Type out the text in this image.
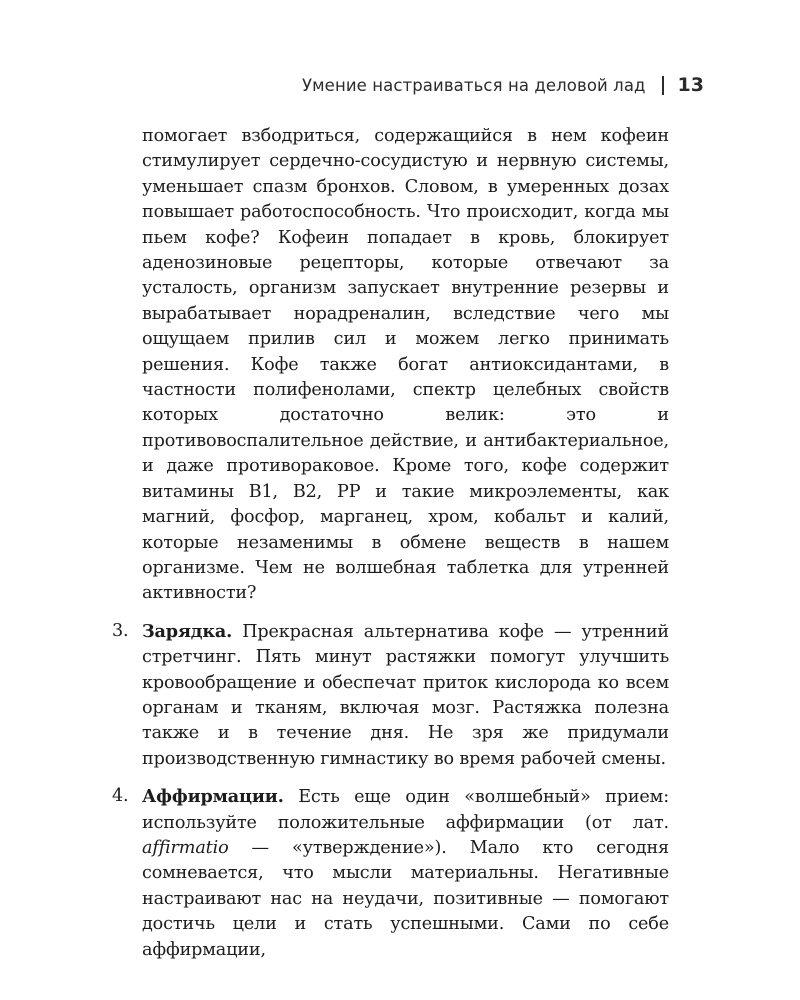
Умение настраиваться на деловой лад 13

помогает взбодриться, содержащийся в нем кофеин стимулирует сердечно-сосудистую и нервную системы, уменьшает спазм бронхов. Словом, в умеренных дозах повышает работоспособность. Что происходит, когда мы пьем кофе? Кофеин попадает в кровь, блокирует аденозиновые рецепторы, которые отвечают за усталость, организм запускает внутренние резервы и вырабатывает норадреналин, вследствие чего мы ощущаем прилив сил и можем легко принимать решения. Кофе также богат антиоксидантами, в частности полифенолами, спектр целебных свойств которых достаточно велик: это и противовоспалительное действие, и антибактериальное, и даже противораковое. Кроме того, кофе содержит витамины B1, B2, PP и такие микроэлементы, как магний, фосфор, марганец, хром, кобальт и калий, которые незаменимы в обмене веществ в нашем организме. Чем не волшебная таблетка для утренней активности?

3. Зарядка. Прекрасная альтернатива кофе — утренний стретчинг. Пять минут растяжки помогут улучшить кровообращение и обеспечат приток кислорода ко всем органам и тканям, включая мозг. Растяжка полезна также и в течение дня. Не зря же придумали производственную гимнастику во время рабочей смены.

4. Аффирмации. Есть еще один «волшебный» прием: используйте положительные аффирмации (от лат. affirmatio — «утверждение»). Мало кто сегодня сомневается, что мысли материальны. Негативные настраивают нас на неудачи, позитивные — помогают достичь цели и стать успешными. Сами по себе аффирмации,
